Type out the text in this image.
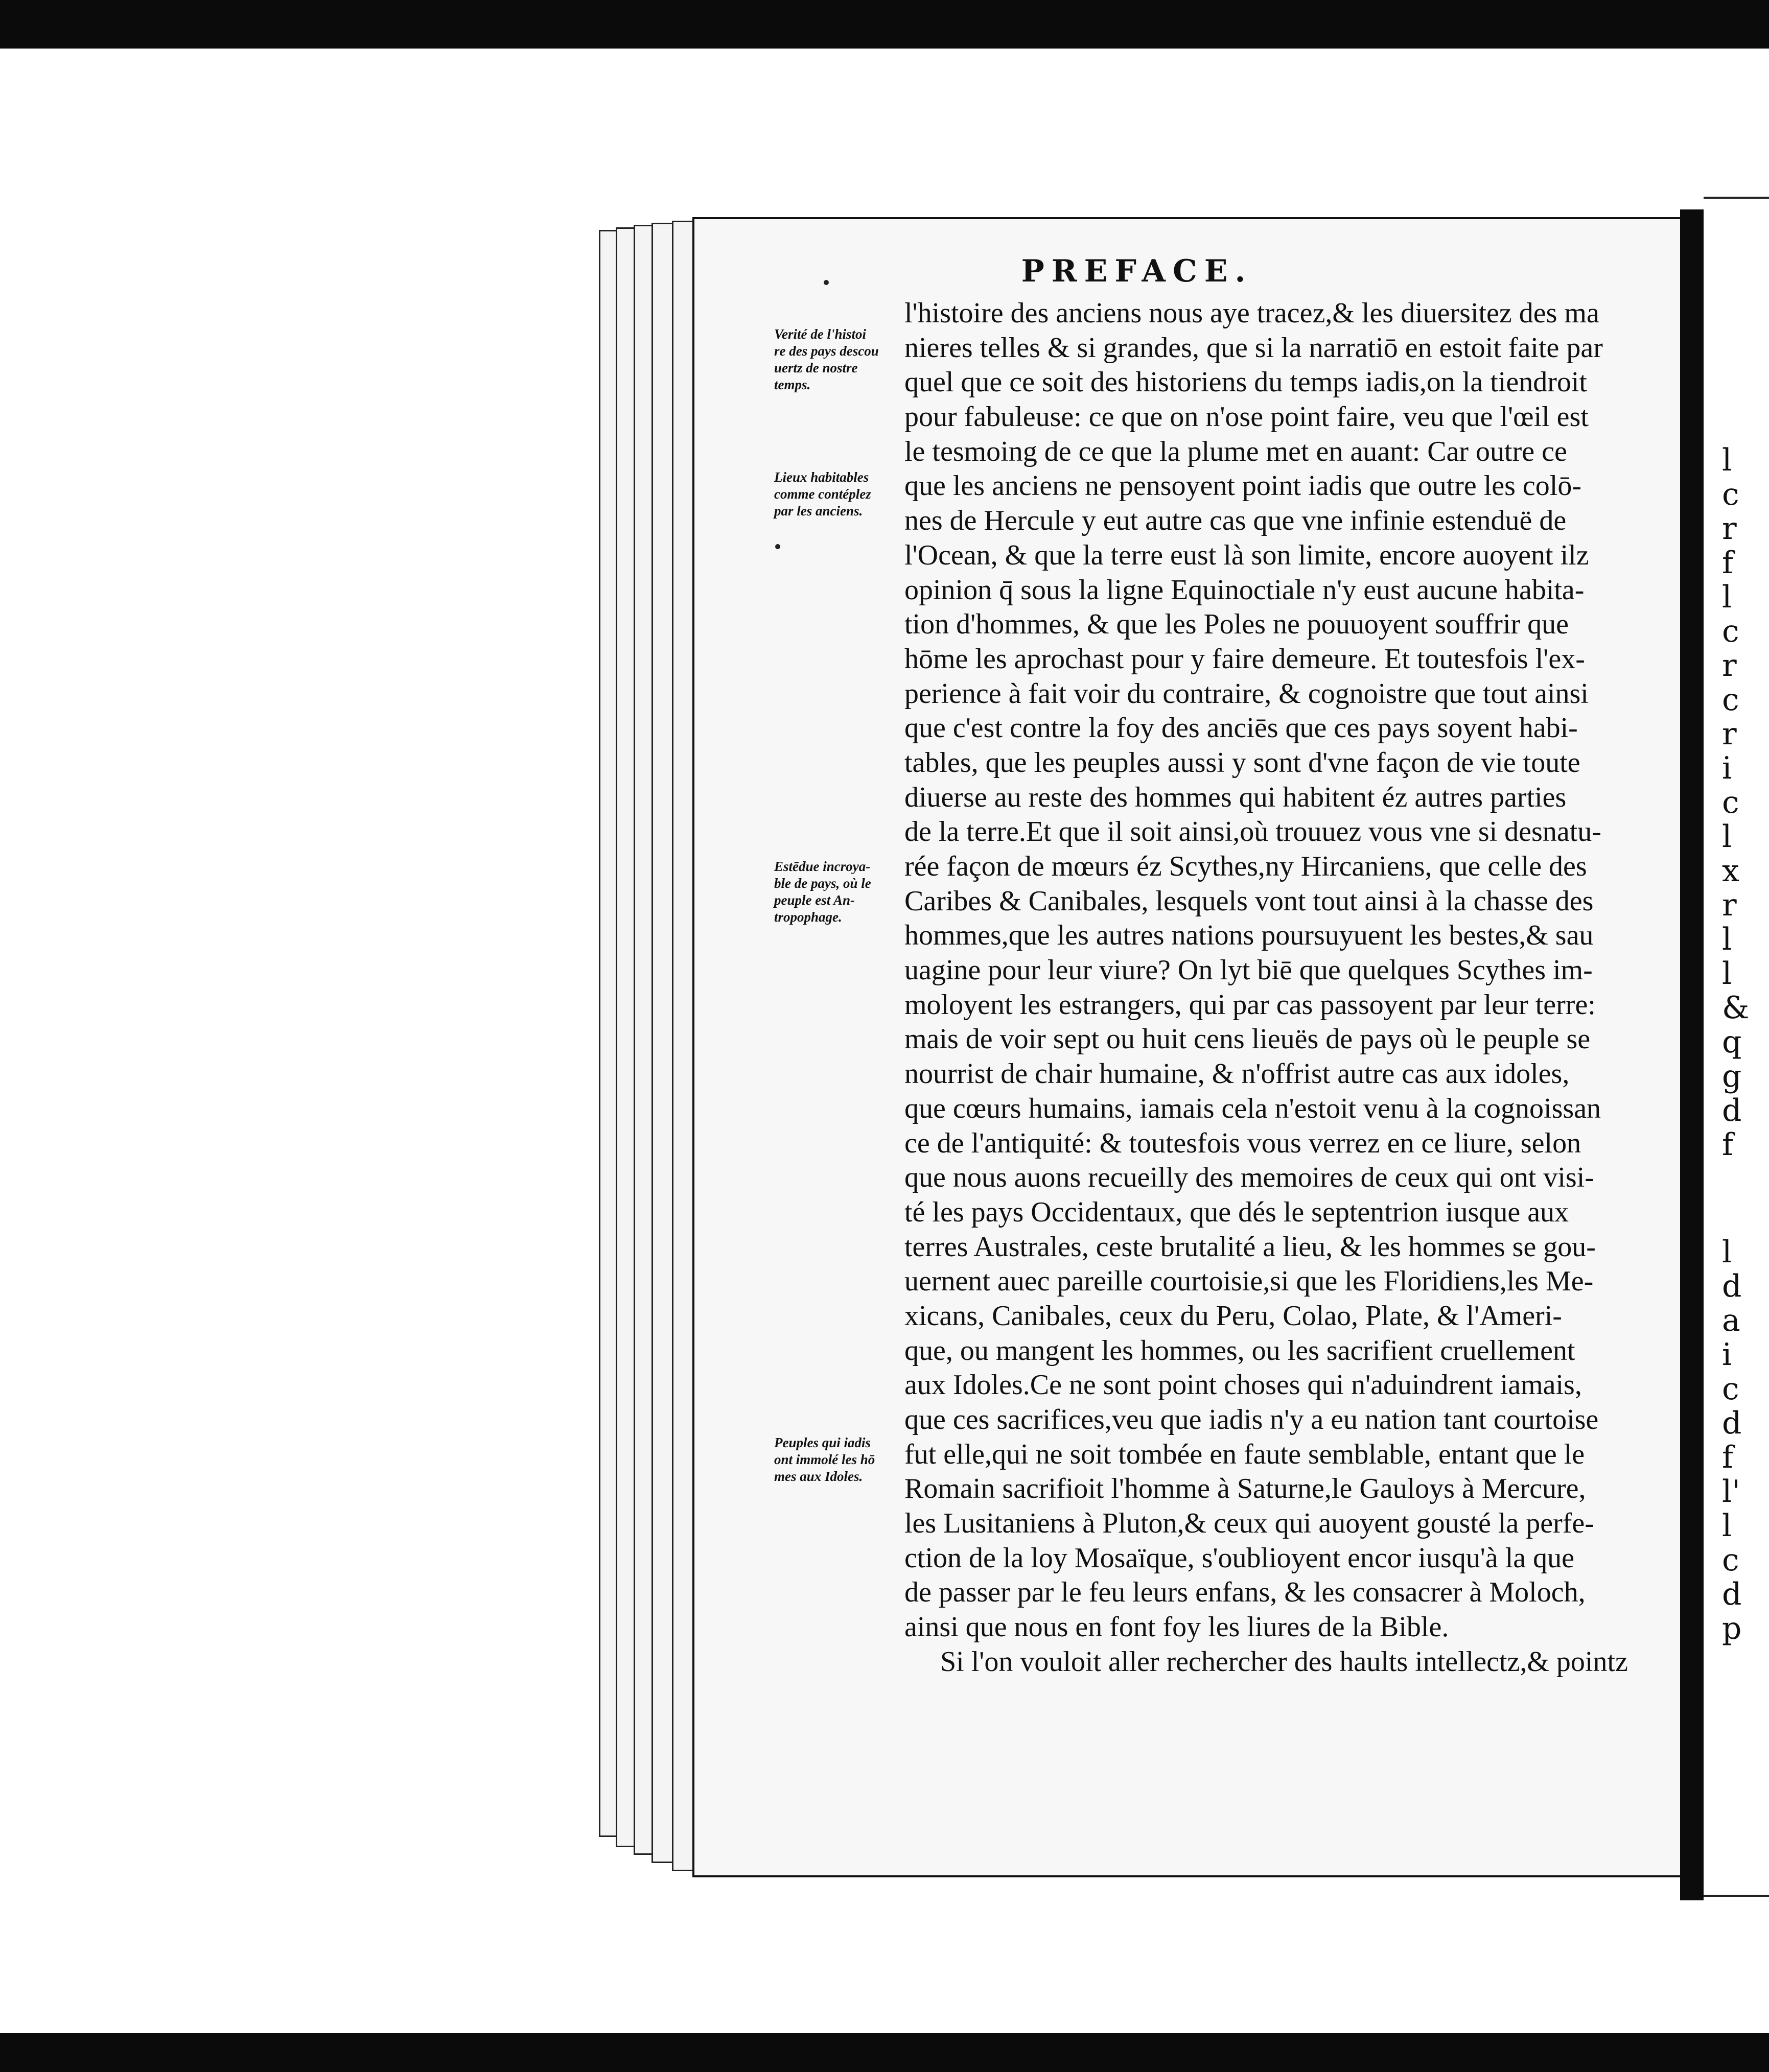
PREFACE.
Verité de l'histoi
re des pays descou
uertz de nostre
temps.
Lieux habitables
comme contéplez
par les anciens.
Estēdue incroya-
ble de pays, où le
peuple est An-
tropophage.
Peuples qui iadis
ont immolé les hō
mes aux Idoles.
l'histoire des anciens nous aye tracez,& les diuersitez des ma
nieres telles & si grandes, que si la narratiō en estoit faite par
quel que ce soit des historiens du temps iadis,on la tiendroit
pour fabuleuse: ce que on n'ose point faire, veu que l'œil est
le tesmoing de ce que la plume met en auant: Car outre ce
que les anciens ne pensoyent point iadis que outre les colō-
nes de Hercule y eut autre cas que vne infinie estenduë de
l'Ocean, & que la terre eust là son limite, encore auoyent ilz
opinion q̄ sous la ligne Equinoctiale n'y eust aucune habita-
tion d'hommes, & que les Poles ne pouuoyent souffrir que
hōme les aprochast pour y faire demeure. Et toutesfois l'ex-
perience à fait voir du contraire, & cognoistre que tout ainsi
que c'est contre la foy des anciēs que ces pays soyent habi-
tables, que les peuples aussi y sont d'vne façon de vie toute
diuerse au reste des hommes qui habitent éz autres parties
de la terre.Et que il soit ainsi,où trouuez vous vne si desnatu-
rée façon de mœurs éz Scythes,ny Hircaniens, que celle des
Caribes & Canibales, lesquels vont tout ainsi à la chasse des
hommes,que les autres nations poursuyuent les bestes,& sau
uagine pour leur viure? On lyt biē que quelques Scythes im-
moloyent les estrangers, qui par cas passoyent par leur terre:
mais de voir sept ou huit cens lieuës de pays où le peuple se
nourrist de chair humaine, & n'offrist autre cas aux idoles,
que cœurs humains, iamais cela n'estoit venu à la cognoissan
ce de l'antiquité: & toutesfois vous verrez en ce liure, selon
que nous auons recueilly des memoires de ceux qui ont visi-
té les pays Occidentaux, que dés le septentrion iusque aux
terres Australes, ceste brutalité a lieu, & les hommes se gou-
uernent auec pareille courtoisie,si que les Floridiens,les Me-
xicans, Canibales, ceux du Peru, Colao, Plate, & l'Ameri-
que, ou mangent les hommes, ou les sacrifient cruellement
aux Idoles.Ce ne sont point choses qui n'aduindrent iamais,
que ces sacrifices,veu que iadis n'y a eu nation tant courtoise
fut elle,qui ne soit tombée en faute semblable, entant que le
Romain sacrifioit l'homme à Saturne,le Gauloys à Mercure,
les Lusitaniens à Pluton,& ceux qui auoyent gousté la perfe-
ction de la loy Mosaïque, s'oublioyent encor iusqu'à la que
de passer par le feu leurs enfans, & les consacrer à Moloch,
ainsi que nous en font foy les liures de la Bible.
Si l'on vouloit aller rechercher des haults intellectz,& pointz
l
c
r
f
l
c
r
c
r
i
c
l
x
r
l
l
&
q
g
d
f
l
d
a
i
c
d
f
l'
l
c
d
p
